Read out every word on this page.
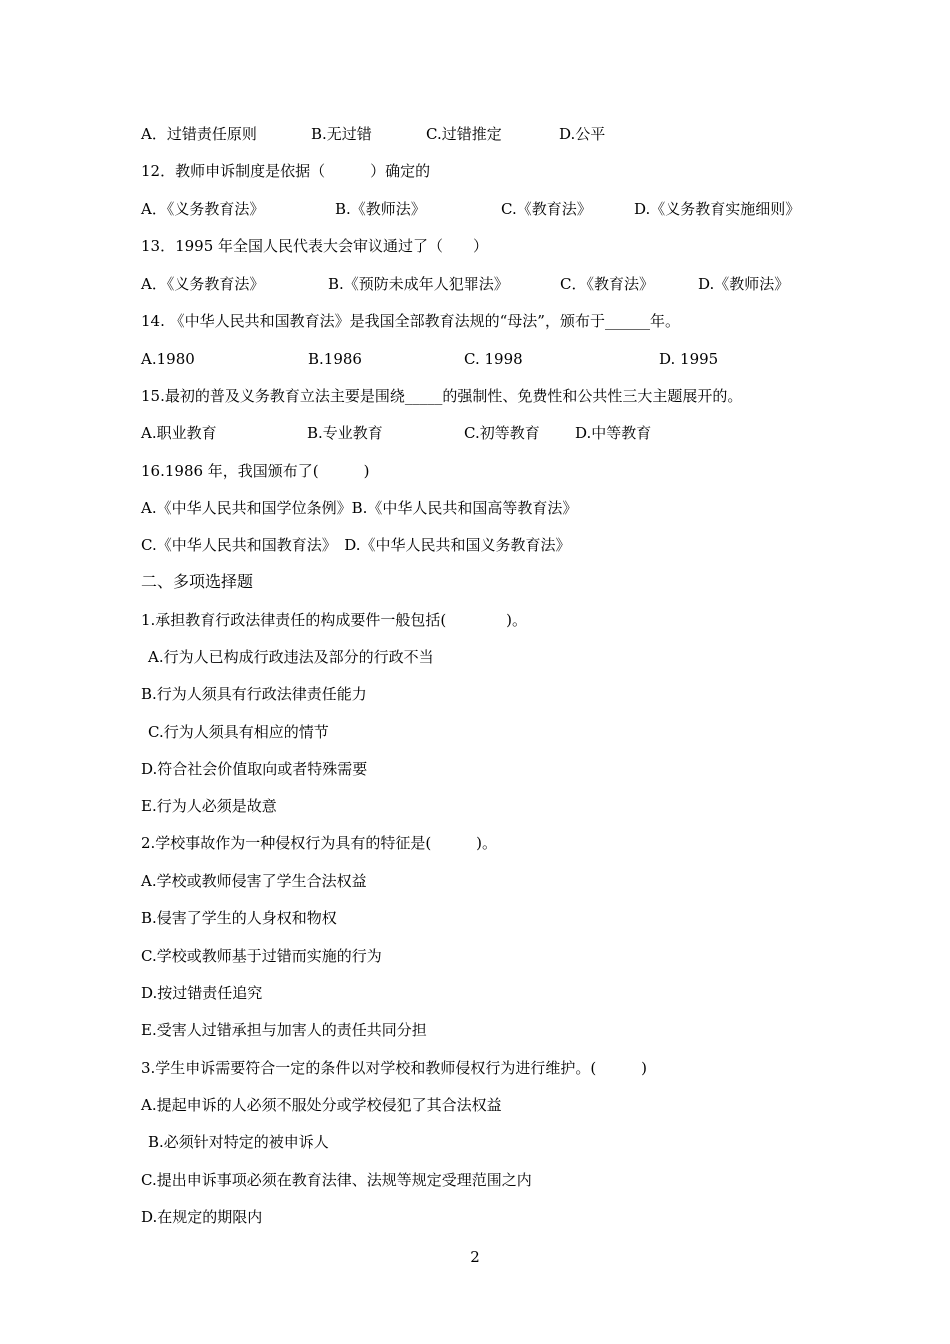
A．过错责任原则	B.无过错	C.过错推定	D.公平
12．教师申诉制度是依据（　　　）确定的
A．《义务教育法》	B.《教师法》	C.《教育法》	D.《义务教育实施细则》
13．1995 年全国人民代表大会审议通过了（　　）
A．《义务教育法》	B.《预防未成年人犯罪法》	C．《教育法》	D.《教师法》
14. 《中华人民共和国教育法》是我国全部教育法规的“母法”，颁布于______年。
A.1980	B.1986	C. 1998	D. 1995
15.最初的普及义务教育立法主要是围绕_____的强制性、免费性和公共性三大主题展开的。
A.职业教育	B.专业教育	C.初等教育 D.中等教育
16.1986 年，我国颁布了(　　　)
A.《中华人民共和国学位条例》B.《中华人民共和国高等教育法》
C.《中华人民共和国教育法》　D.《中华人民共和国义务教育法》
二、多项选择题
1.承担教育行政法律责任的构成要件一般包括(　　　　)。
A.行为人已构成行政违法及部分的行政不当
B.行为人须具有行政法律责任能力
C.行为人须具有相应的情节
D.符合社会价值取向或者特殊需要
E.行为人必须是故意
2.学校事故作为一种侵权行为具有的特征是(　　　)。
A.学校或教师侵害了学生合法权益
B.侵害了学生的人身权和物权
C.学校或教师基于过错而实施的行为
D.按过错责任追究
E.受害人过错承担与加害人的责任共同分担
3.学生申诉需要符合一定的条件以对学校和教师侵权行为进行维护。(　　　)
A.提起申诉的人必须不服处分或学校侵犯了其合法权益
B.必须针对特定的被申诉人
C.提出申诉事项必须在教育法律、法规等规定受理范围之内
D.在规定的期限内
2
